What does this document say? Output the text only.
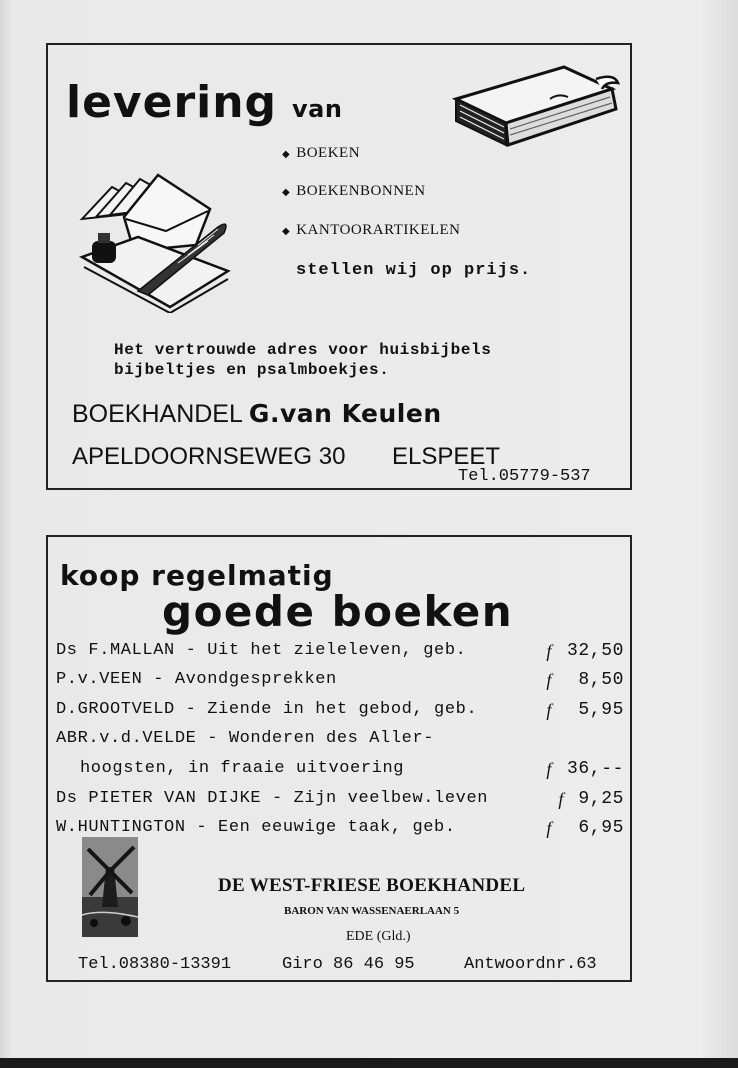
levering van
◆ BOEKEN
◆ BOEKENBONNEN
◆ KANTOORARTIKELEN
stellen wij op prijs.
Het vertrouwde adres voor huisbijbels
bijbeltjes en psalmboekjes.
BOEKHANDEL G.van Keulen
APELDOORNSEWEG 30 ELSPEET
Tel.05779-537
koop regelmatig
goede boeken
Ds F.MALLAN - Uit het zieleleven, geb.	f 32,50
P.v.VEEN - Avondgesprekken	f 8,50
D.GROOTVELD - Ziende in het gebod, geb.	f 5,95
ABR.v.d.VELDE - Wonderen des Aller-
hoogsten, in fraaie uitvoering	f 36,--
Ds PIETER VAN DIJKE - Zijn veelbew.leven	f 9,25
W.HUNTINGTON - Een eeuwige taak, geb.	f 6,95
DE WEST-FRIESE BOEKHANDEL
BARON VAN WASSENAERLAAN 5
EDE (Gld.)
Tel.08380-13391	Giro 86 46 95	Antwoordnr.63
